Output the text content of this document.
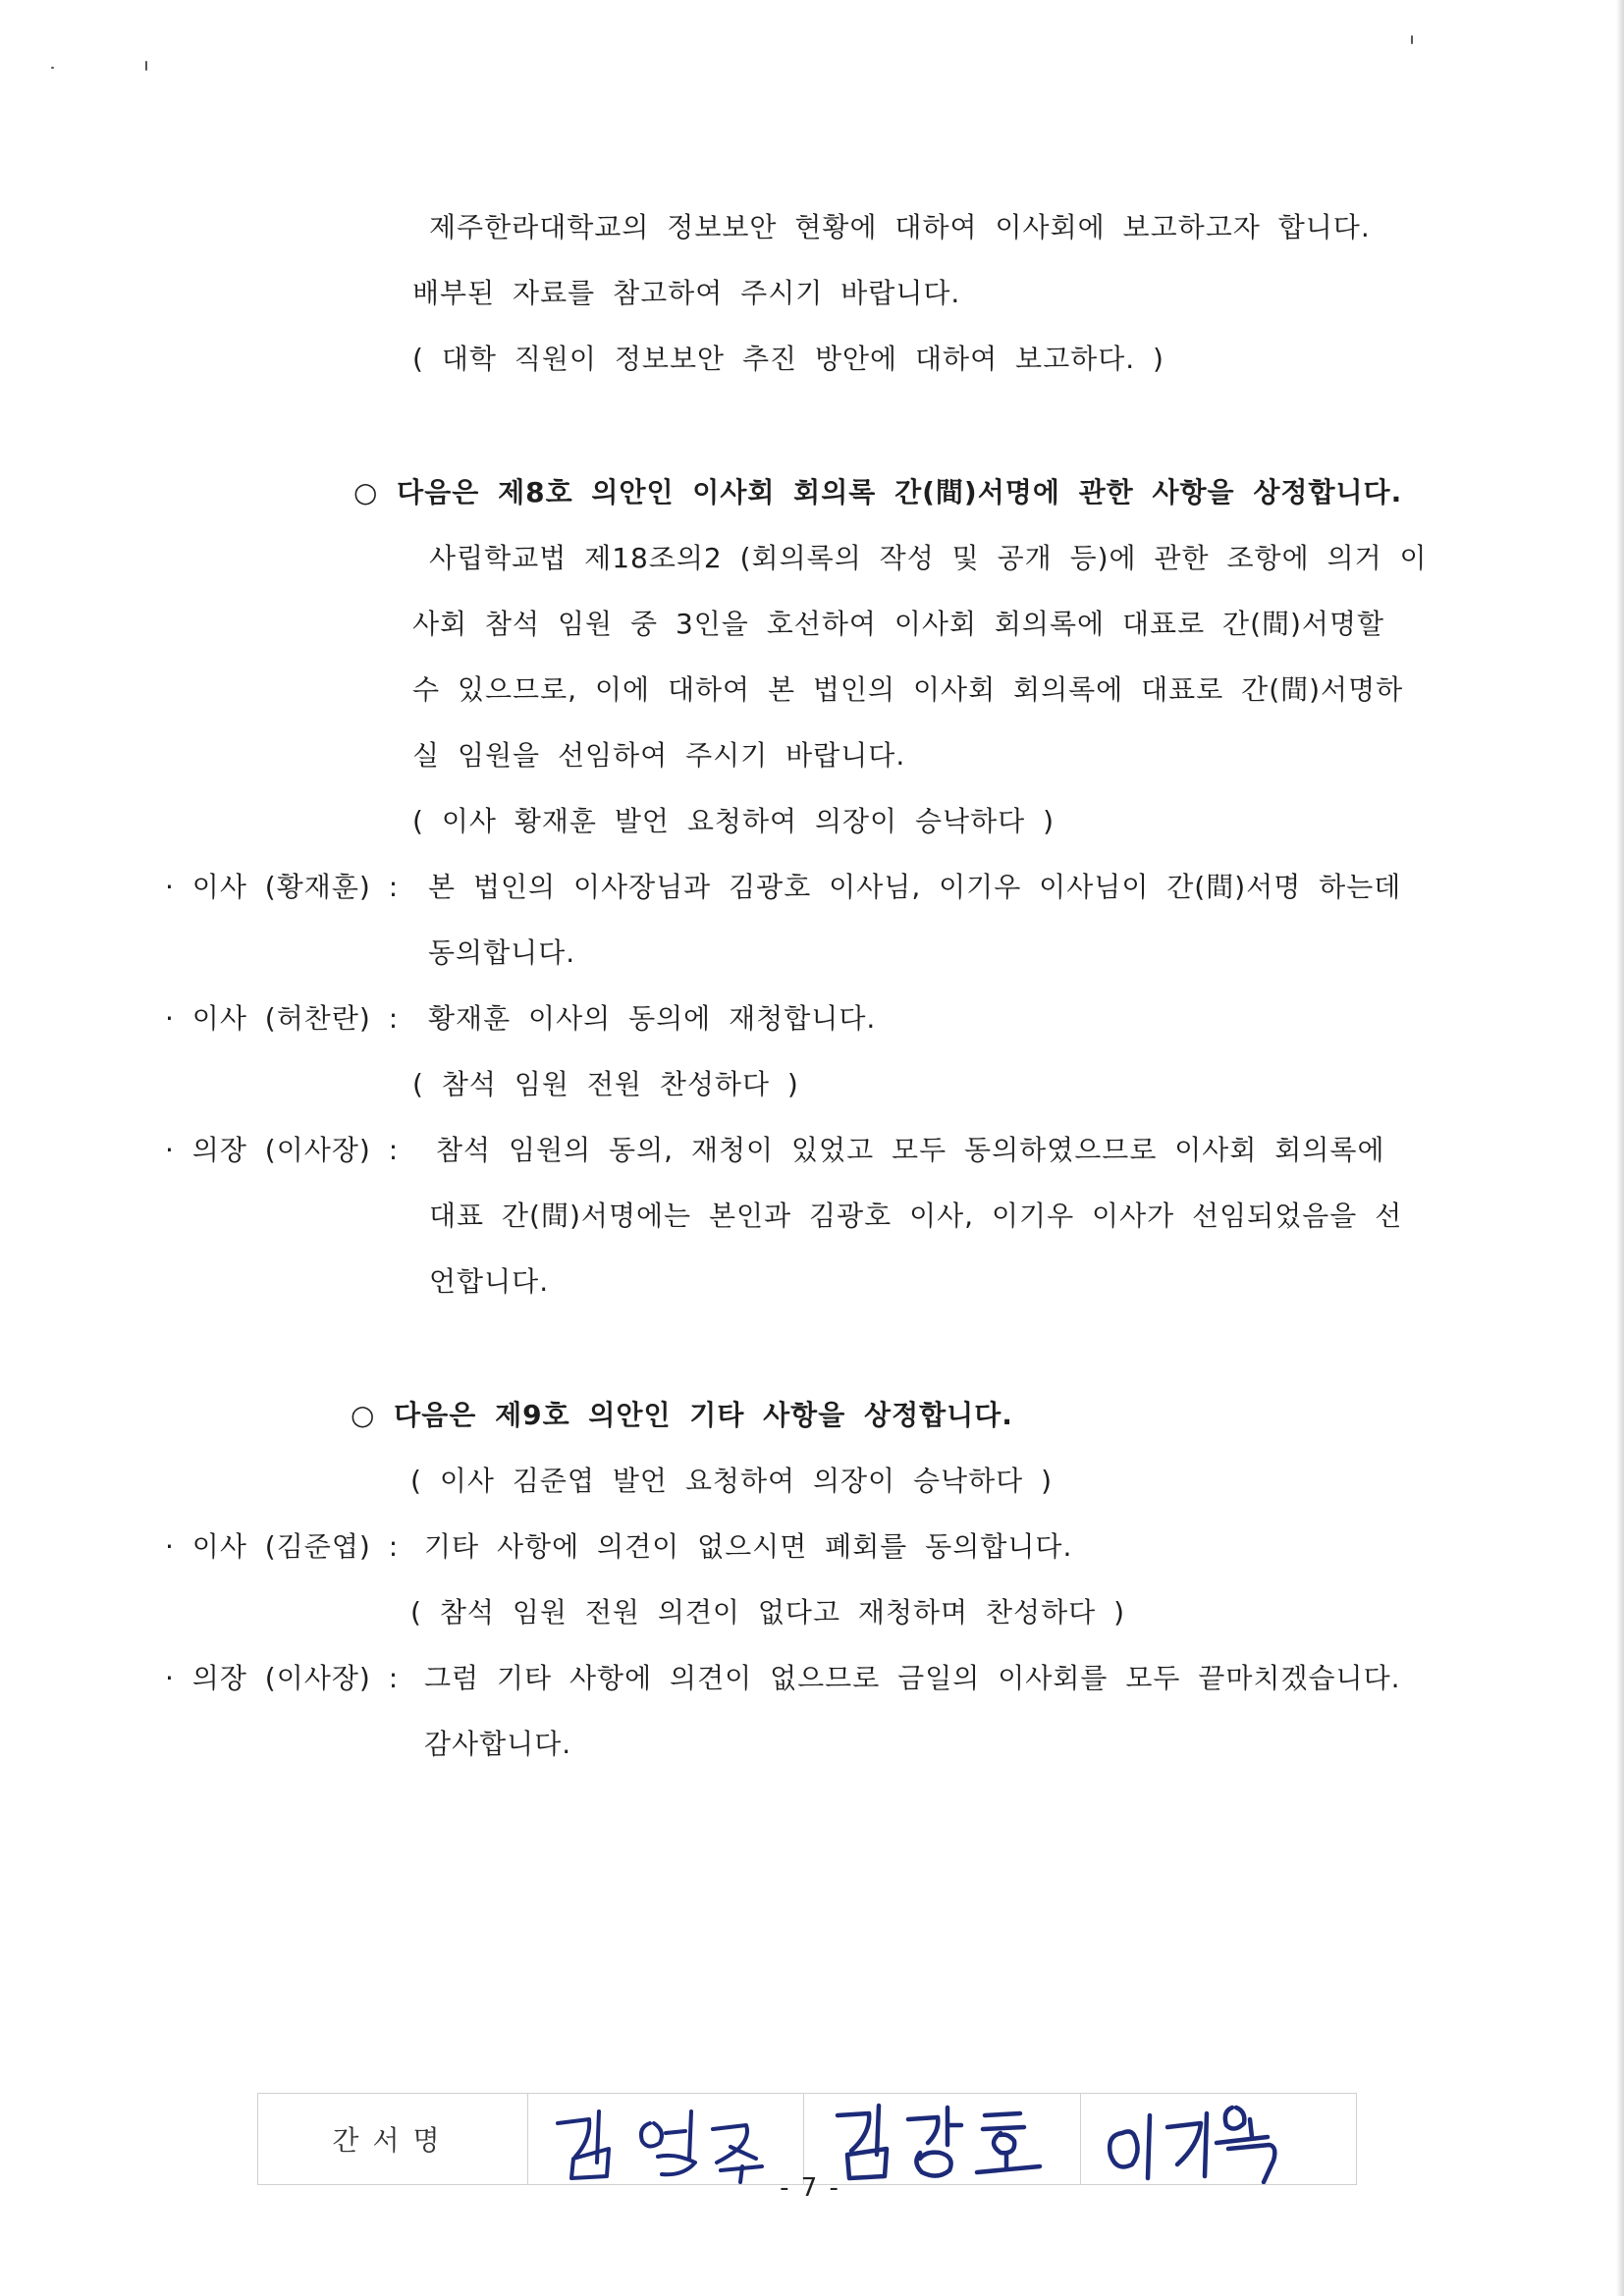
제주한라대학교의 정보보안 현황에 대하여 이사회에 보고하고자 합니다.
배부된 자료를 참고하여 주시기 바랍니다.
( 대학 직원이 정보보안 추진 방안에 대하여 보고하다. )
○ 다음은 제8호 의안인 이사회 회의록 간(間)서명에 관한 사항을 상정합니다.
사립학교법 제18조의2 (회의록의 작성 및 공개 등)에 관한 조항에 의거 이
사회 참석 임원 중 3인을 호선하여 이사회 회의록에 대표로 간(間)서명할
수 있으므로, 이에 대하여 본 법인의 이사회 회의록에 대표로 간(間)서명하
실 임원을 선임하여 주시기 바랍니다.
( 이사 황재훈 발언 요청하여 의장이 승낙하다 )
· 이사 (황재훈) : 본 법인의 이사장님과 김광호 이사님, 이기우 이사님이 간(間)서명 하는데
동의합니다.
· 이사 (허찬란) : 황재훈 이사의 동의에 재청합니다.
( 참석 임원 전원 찬성하다 )
· 의장 (이사장) : 참석 임원의 동의, 재청이 있었고 모두 동의하였으므로 이사회 회의록에
대표 간(間)서명에는 본인과 김광호 이사, 이기우 이사가 선임되었음을 선
언합니다.
○ 다음은 제9호 의안인 기타 사항을 상정합니다.
( 이사 김준엽 발언 요청하여 의장이 승낙하다 )
· 이사 (김준엽) : 기타 사항에 의견이 없으시면 폐회를 동의합니다.
( 참석 임원 전원 의견이 없다고 재청하며 찬성하다 )
· 의장 (이사장) : 그럼 기타 사항에 의견이 없으므로 금일의 이사회를 모두 끝마치겠습니다.
감사합니다.
간서명
- 7 -
